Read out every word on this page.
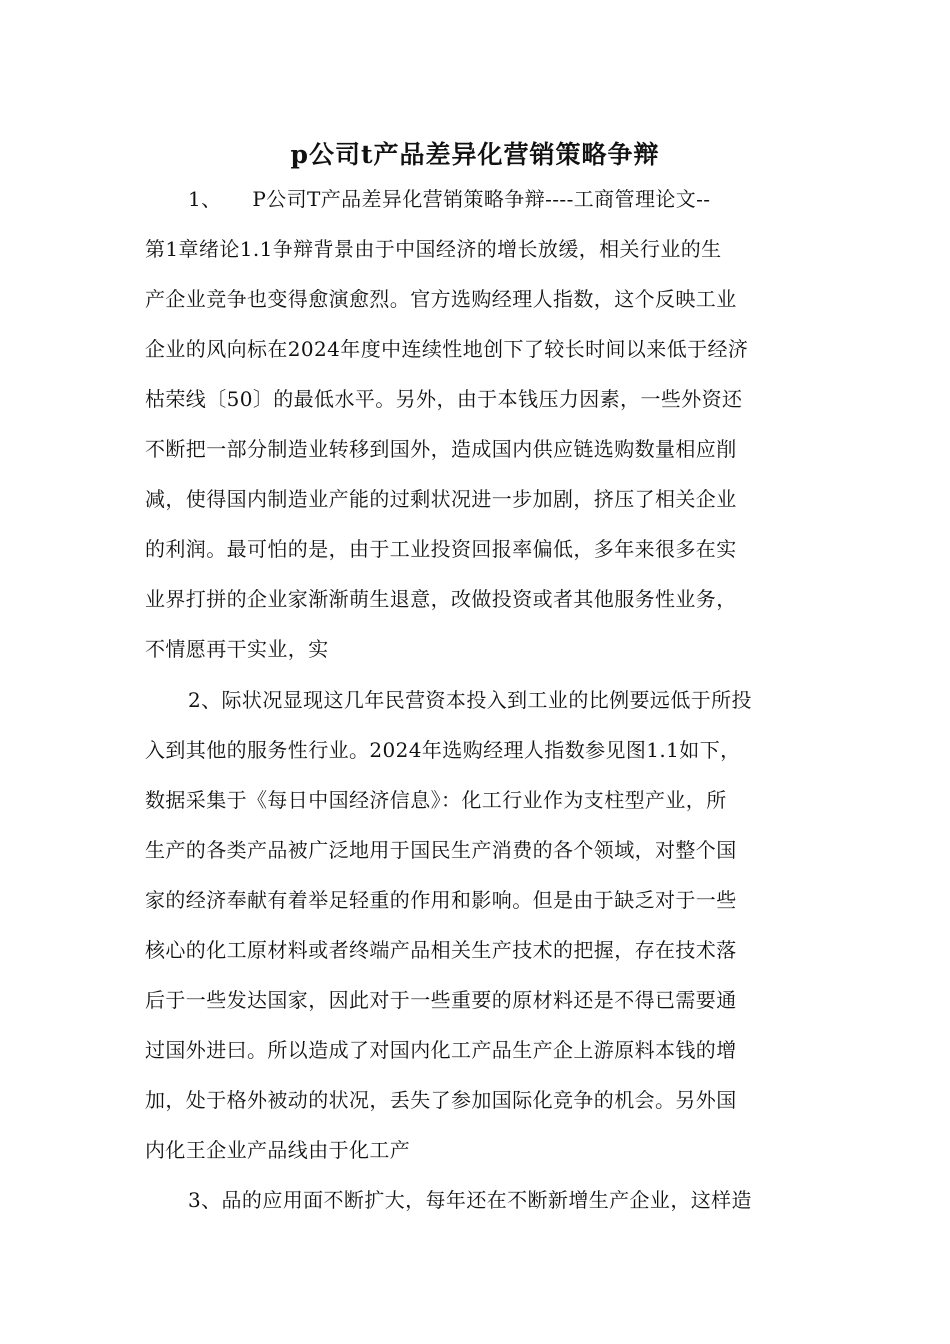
p公司t产品差异化营销策略争辩
1、　　P公司T产品差异化营销策略争辩----工商管理论文--
第1章绪论1.1争辩背景由于中国经济的增长放缓，相关行业的生
产企业竞争也变得愈演愈烈。官方选购经理人指数，这个反映工业
企业的风向标在2024年度中连续性地创下了较长时间以来低于经济
枯荣线〔50〕的最低水平。另外，由于本钱压力因素，一些外资还
不断把一部分制造业转移到国外，造成国内供应链选购数量相应削
减，使得国内制造业产能的过剩状况进一步加剧，挤压了相关企业
的利润。最可怕的是，由于工业投资回报率偏低，多年来很多在实
业界打拼的企业家渐渐萌生退意，改做投资或者其他服务性业务，
不情愿再干实业，实
2、际状况显现这几年民营资本投入到工业的比例要远低于所投
入到其他的服务性行业。2024年选购经理人指数参见图1.1如下，
数据采集于《每日中国经济信息》：化工行业作为支柱型产业，所
生产的各类产品被广泛地用于国民生产消费的各个领域，对整个国
家的经济奉献有着举足轻重的作用和影响。但是由于缺乏对于一些
核心的化工原材料或者终端产品相关生产技术的把握，存在技术落
后于一些发达国家，因此对于一些重要的原材料还是不得已需要通
过国外进曰。所以造成了对国内化工产品生产企上游原料本钱的增
加，处于格外被动的状况，丢失了参加国际化竞争的机会。另外国
内化王企业产品线由于化工产
3、品的应用面不断扩大，每年还在不断新增生产企业，这样造
